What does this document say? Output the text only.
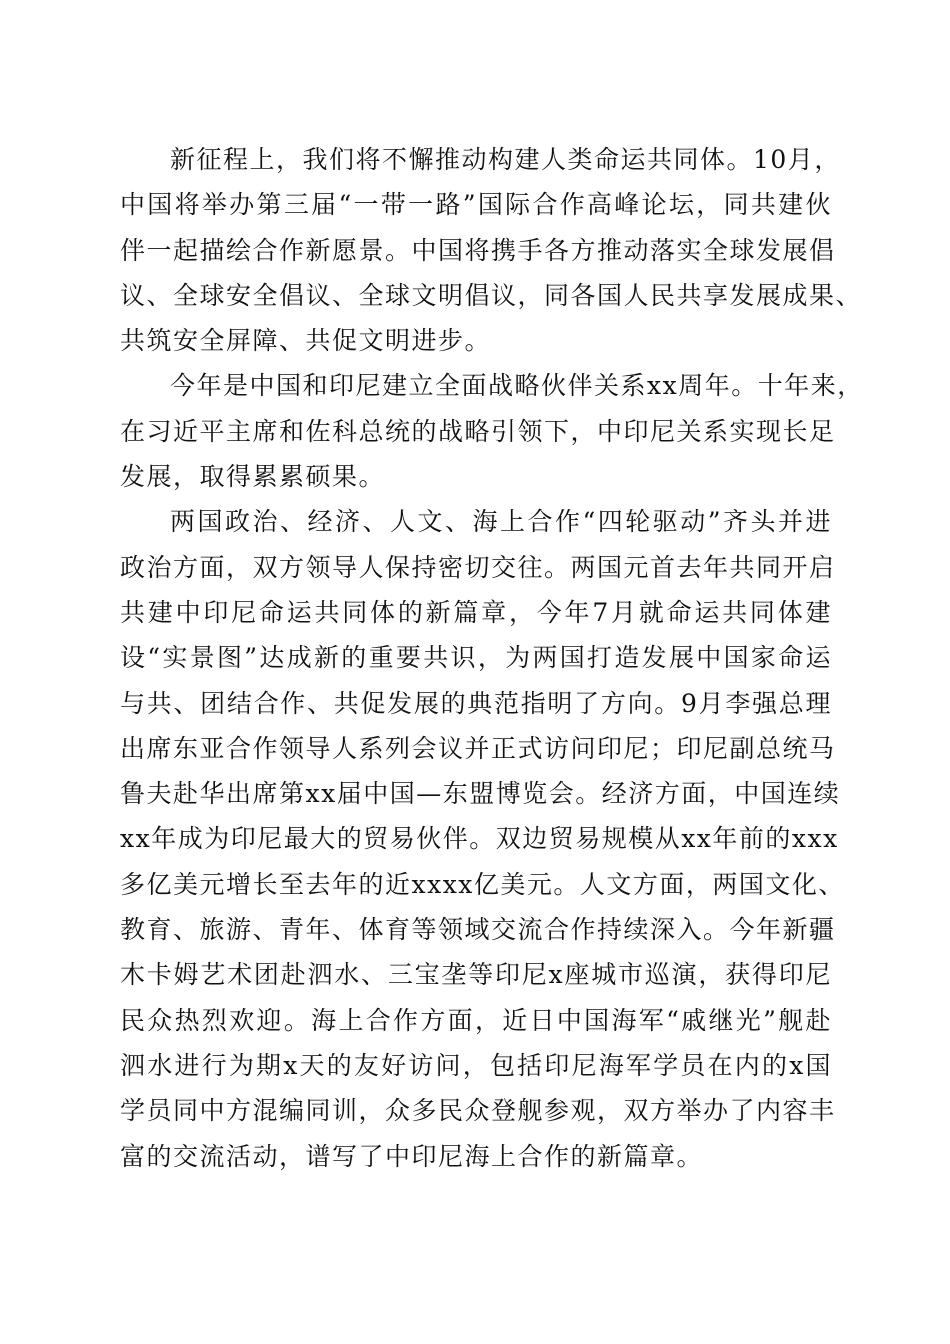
新征程上，我们将不懈推动构建人类命运共同体。10月，
中国将举办第三届“一带一路”国际合作高峰论坛，同共建伙
伴一起描绘合作新愿景。中国将携手各方推动落实全球发展倡
议、全球安全倡议、全球文明倡议，同各国人民共享发展成果、
共筑安全屏障、共促文明进步。
今年是中国和印尼建立全面战略伙伴关系xx周年。十年来，
在习近平主席和佐科总统的战略引领下，中印尼关系实现长足
发展，取得累累硕果。
两国政治、经济、人文、海上合作“四轮驱动”齐头并进
政治方面，双方领导人保持密切交往。两国元首去年共同开启
共建中印尼命运共同体的新篇章，今年7月就命运共同体建
设“实景图”达成新的重要共识，为两国打造发展中国家命运
与共、团结合作、共促发展的典范指明了方向。9月李强总理
出席东亚合作领导人系列会议并正式访问印尼；印尼副总统马
鲁夫赴华出席第xx届中国—东盟博览会。经济方面，中国连续
xx年成为印尼最大的贸易伙伴。双边贸易规模从xx年前的xxx
多亿美元增长至去年的近xxxx亿美元。人文方面，两国文化、
教育、旅游、青年、体育等领域交流合作持续深入。今年新疆
木卡姆艺术团赴泗水、三宝垄等印尼x座城市巡演，获得印尼
民众热烈欢迎。海上合作方面，近日中国海军“戚继光”舰赴
泗水进行为期x天的友好访问，包括印尼海军学员在内的x国
学员同中方混编同训，众多民众登舰参观，双方举办了内容丰
富的交流活动，谱写了中印尼海上合作的新篇章。
